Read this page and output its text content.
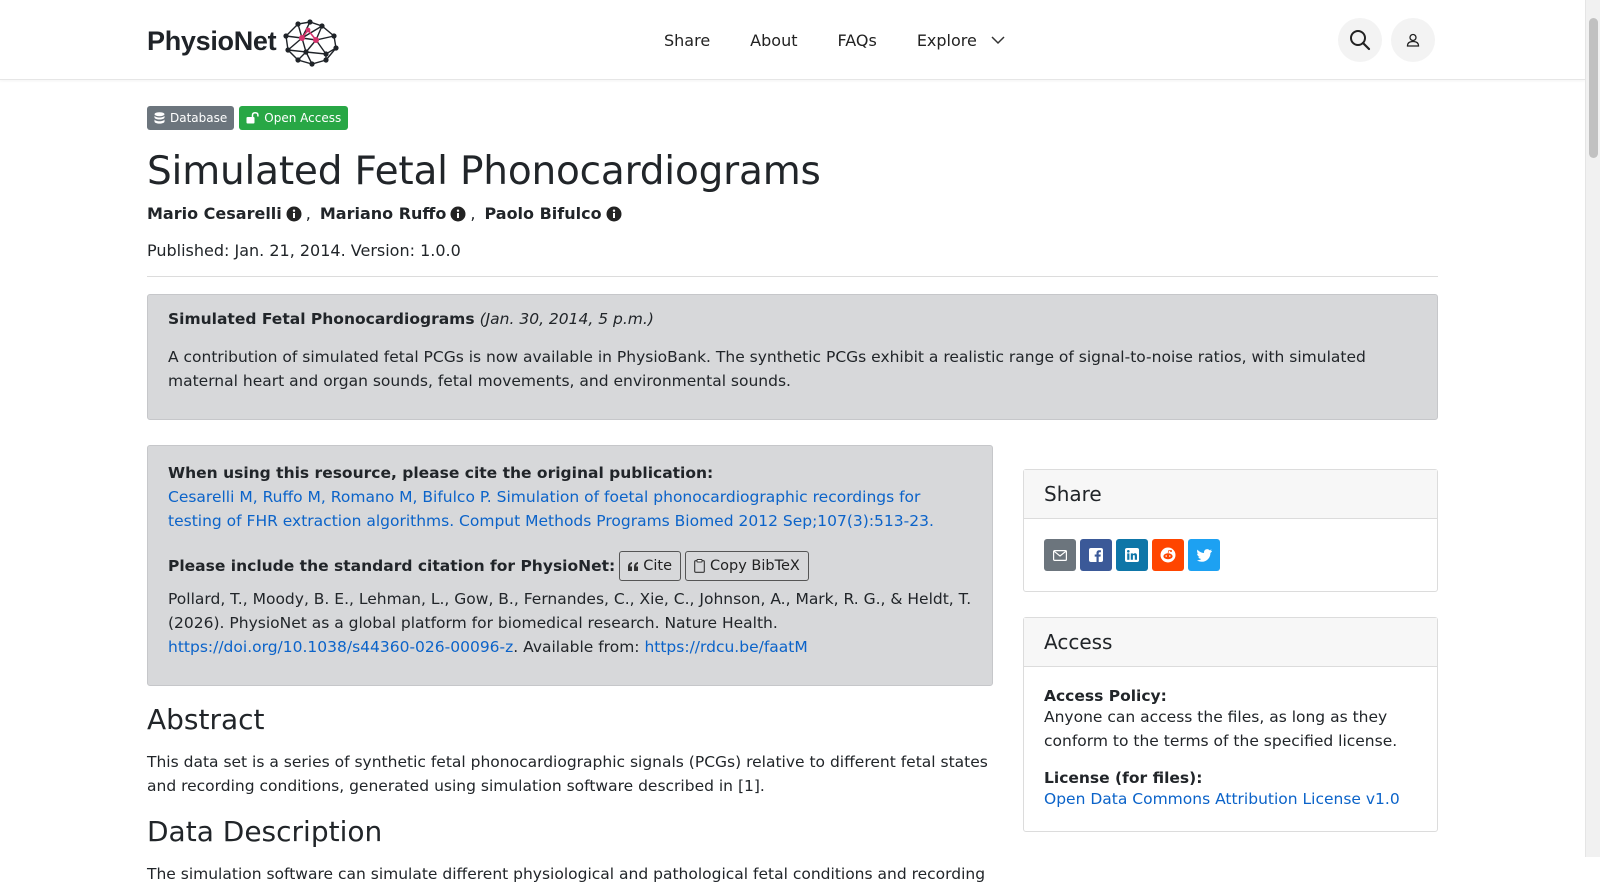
PhysioNet	Share	About	FAQs	Explore
Database	Open Access
Simulated Fetal Phonocardiograms
Mario Cesarelli , Mariano Ruffo , Paolo Bifulco
Published: Jan. 21, 2014. Version: 1.0.0
Simulated Fetal Phonocardiograms (Jan. 30, 2014, 5 p.m.)
A contribution of simulated fetal PCGs is now available in PhysioBank. The synthetic PCGs exhibit a realistic range of signal-to-noise ratios, with simulated maternal heart and organ sounds, fetal movements, and environmental sounds.
When using this resource, please cite the original publication:
Cesarelli M, Ruffo M, Romano M, Bifulco P. Simulation of foetal phonocardiographic recordings for testing of FHR extraction algorithms. Comput Methods Programs Biomed 2012 Sep;107(3):513-23.
Please include the standard citation for PhysioNet: Cite	Copy BibTeX
Pollard, T., Moody, B. E., Lehman, L., Gow, B., Fernandes, C., Xie, C., Johnson, A., Mark, R. G., & Heldt, T. (2026). PhysioNet as a global platform for biomedical research. Nature Health.
https://doi.org/10.1038/s44360-026-00096-z. Available from: https://rdcu.be/faatM
Abstract

This data set is a series of synthetic fetal phonocardiographic signals (PCGs) relative to different fetal states and recording conditions, generated using simulation software described in [1].

Data Description

The simulation software can simulate different physiological and pathological fetal conditions and recording

Share
Access
Access Policy:
Anyone can access the files, as long as they conform to the terms of the specified license.
License (for files):
Open Data Commons Attribution License v1.0
